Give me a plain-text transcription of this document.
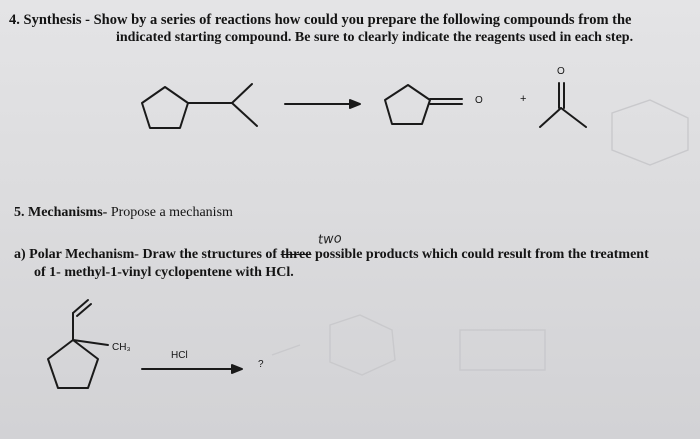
4. Synthesis - Show by a series of reactions how could you prepare the following compounds from the
indicated starting compound. Be sure to clearly indicate the reagents used in each step.
O	+
O
5. Mechanisms- Propose a mechanism
two
a) Polar Mechanism- Draw the structures of three possible products which could result from the treatment
of 1- methyl-1-vinyl cyclopentene with HCl.
CH₃
HCl
?
